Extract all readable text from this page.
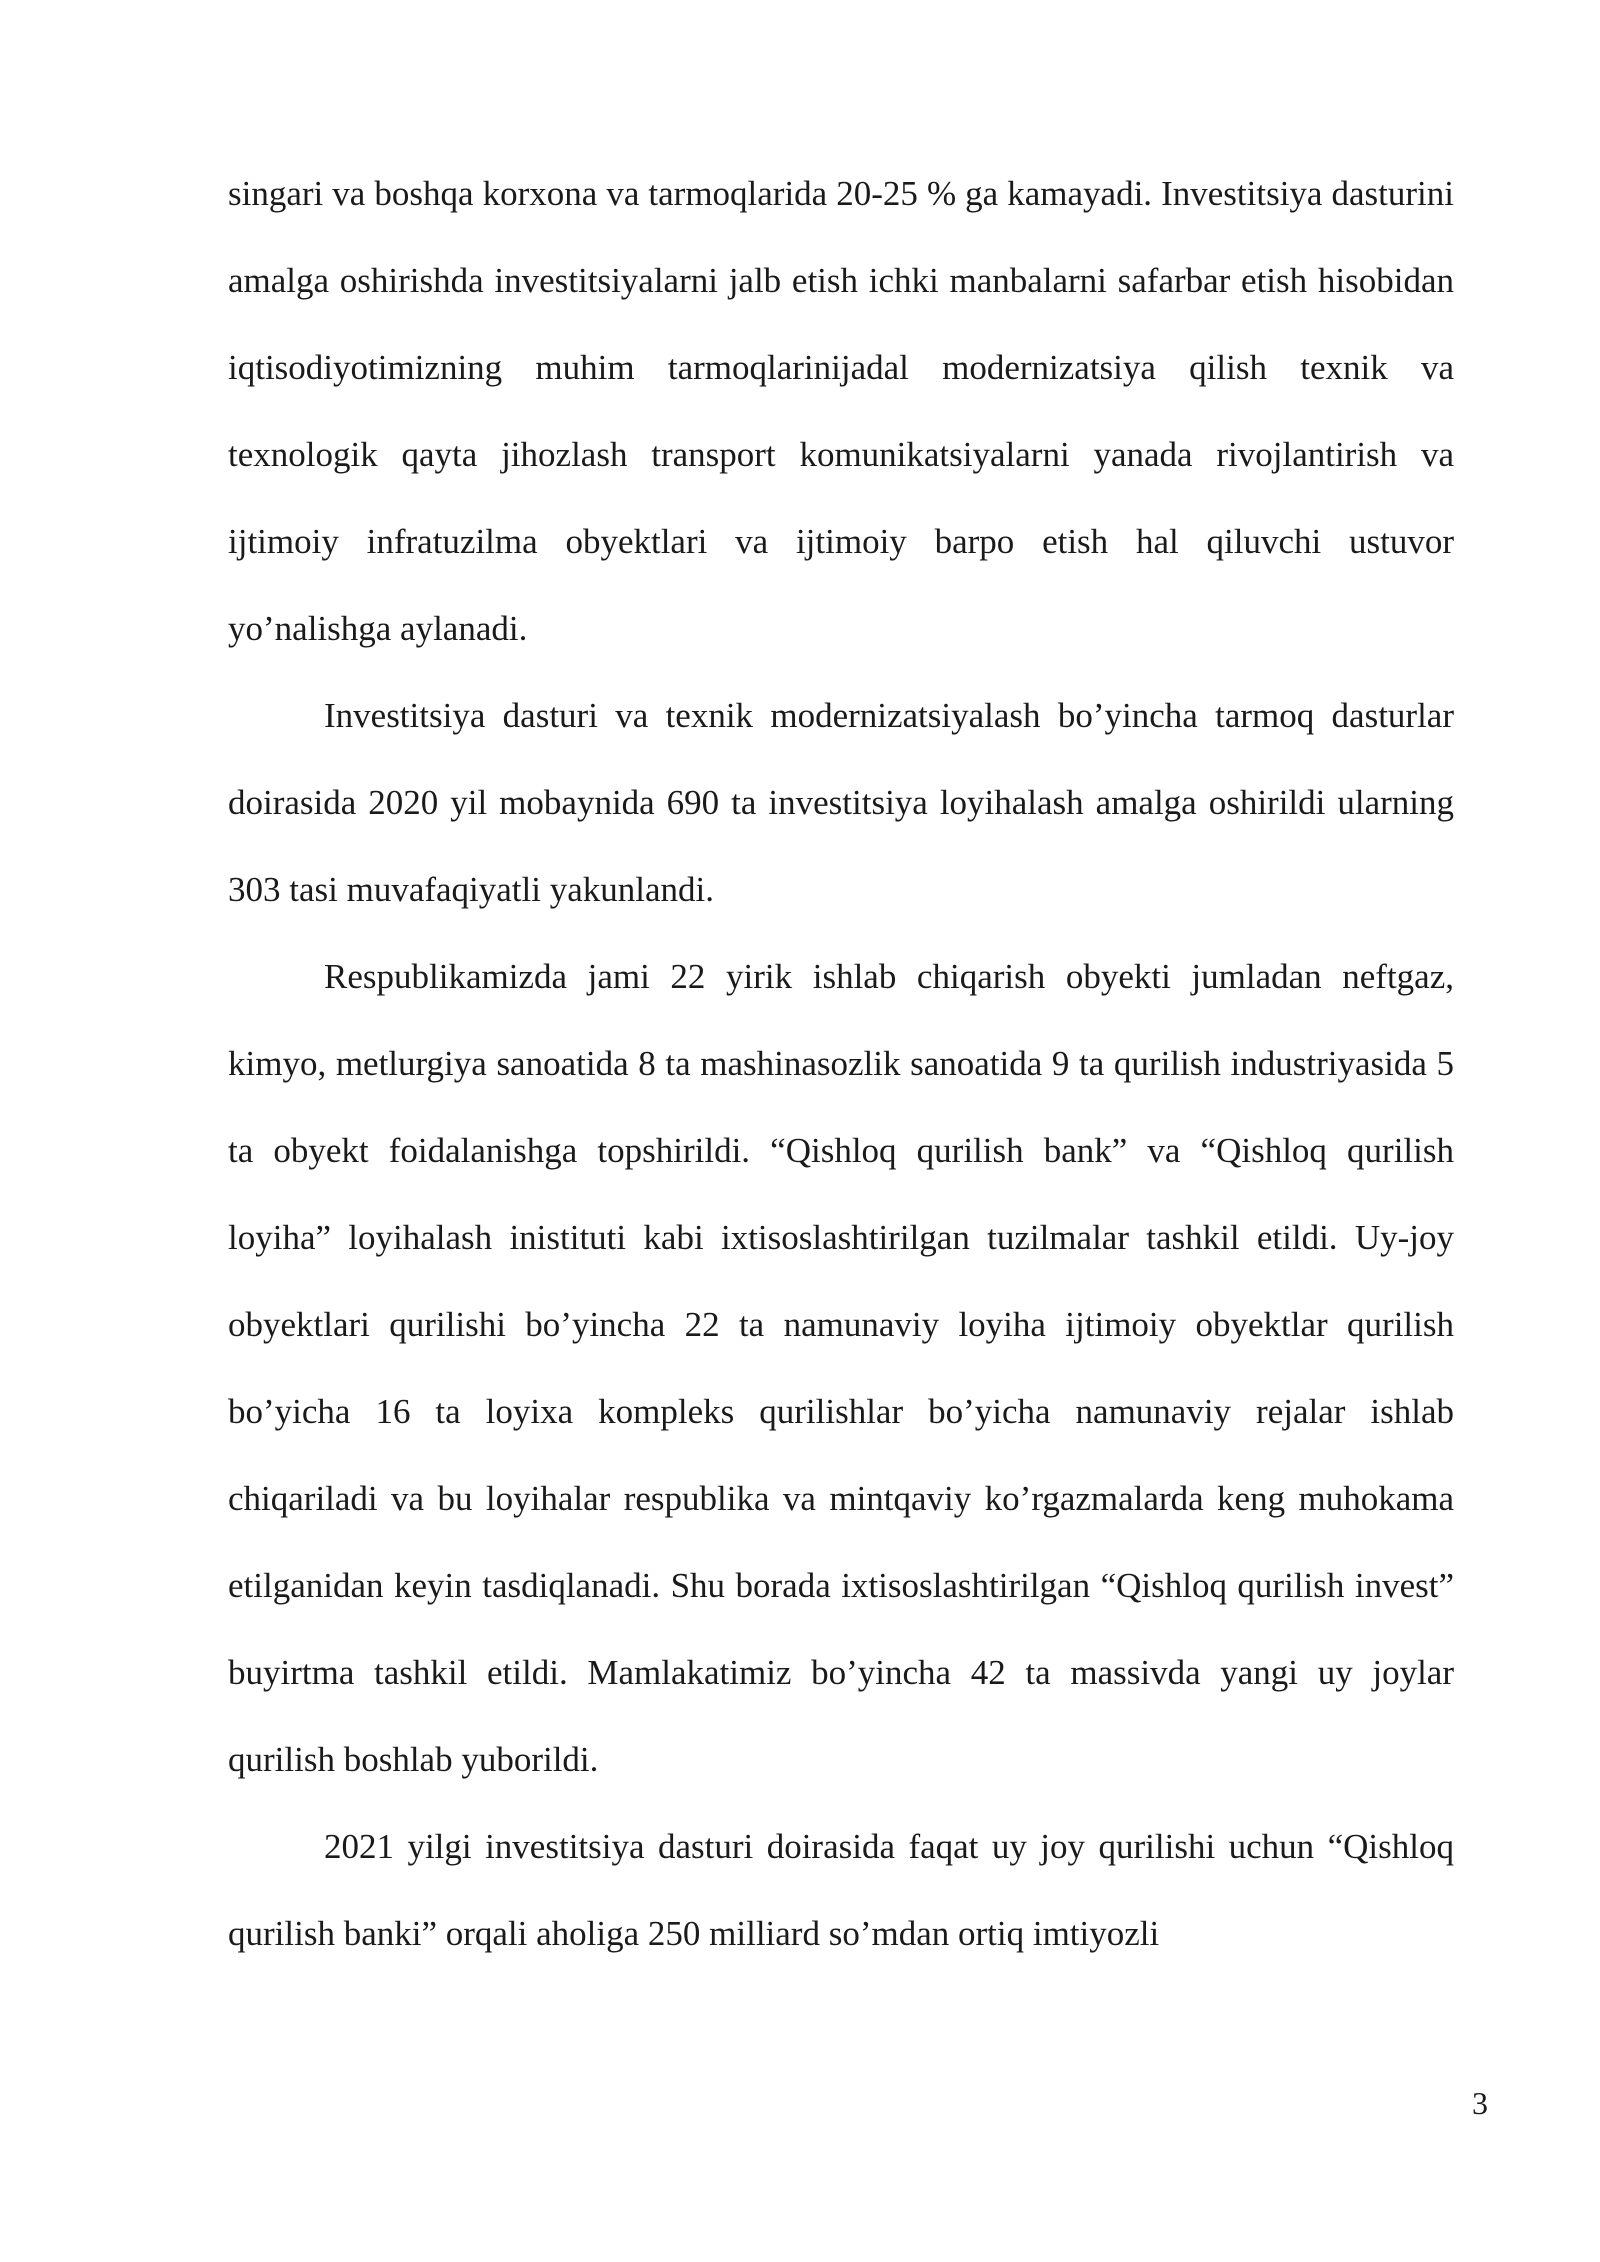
singari va boshqa korxona va tarmoqlarida 20-25 % ga kamayadi. Investitsiya dasturini amalga oshirishda investitsiyalarni jalb etish ichki manbalarni safarbar etish hisobidan iqtisodiyotimizning muhim tarmoqlarinijadal modernizatsiya qilish texnik va texnologik qayta jihozlash transport komunikatsiyalarni yanada rivojlantirish va ijtimoiy infratuzilma obyektlari va ijtimoiy barpo etish hal qiluvchi ustuvor yo’nalishga aylanadi.

Investitsiya dasturi va texnik modernizatsiyalash bo’yincha tarmoq dasturlar doirasida 2020 yil mobaynida 690 ta investitsiya loyihalash amalga oshirildi ularning 303 tasi muvafaqiyatli yakunlandi.

Respublikamizda jami 22 yirik ishlab chiqarish obyekti jumladan neftgaz, kimyo, metlurgiya sanoatida 8 ta mashinasozlik sanoatida 9 ta qurilish industriyasida 5 ta obyekt foidalanishga topshirildi. “Qishloq qurilish bank” va “Qishloq qurilish loyiha” loyihalash inistituti kabi ixtisoslashtirilgan tuzilmalar tashkil etildi. Uy-joy obyektlari qurilishi bo’yincha 22 ta namunaviy loyiha ijtimoiy obyektlar qurilish bo’yicha 16 ta loyixa kompleks qurilishlar bo’yicha namunaviy rejalar ishlab chiqariladi va bu loyihalar respublika va mintqaviy ko’rgazmalarda keng muhokama etilganidan keyin tasdiqlanadi. Shu borada ixtisoslashtirilgan “Qishloq qurilish invest” buyirtma tashkil etildi. Mamlakatimiz bo’yincha 42 ta massivda yangi uy joylar qurilish boshlab yuborildi.

2021 yilgi investitsiya dasturi doirasida faqat uy joy qurilishi uchun “Qishloq qurilish banki” orqali aholiga 250 milliard so’mdan ortiq imtiyozli

3
